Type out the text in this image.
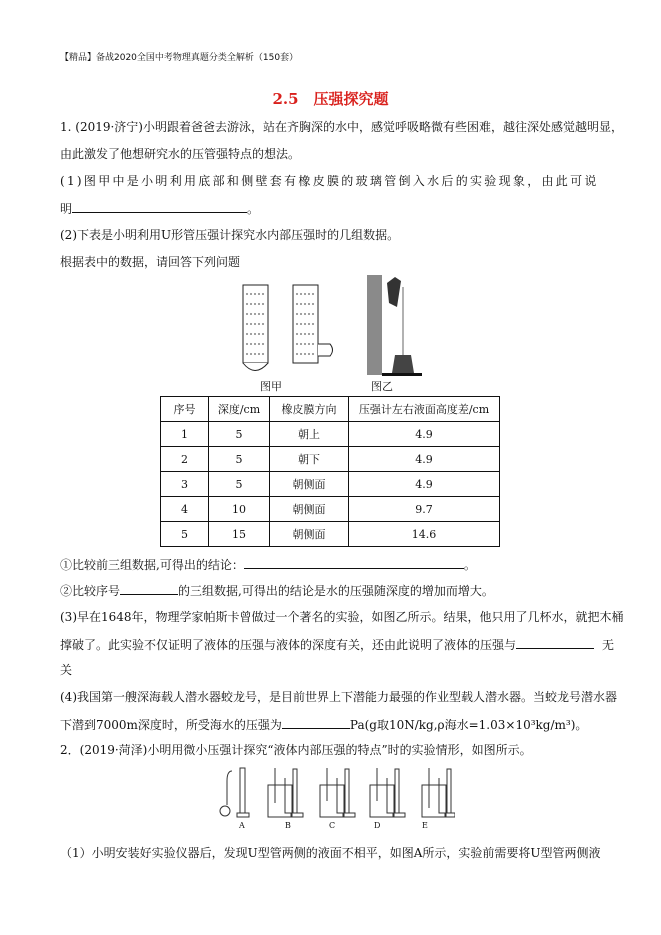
【精品】备战2020全国中考物理真题分类全解析（150套）
2.5　压强探究题
1. (2019·济宁)小明跟着爸爸去游泳，站在齐胸深的水中，感觉呼吸略微有些困难，越往深处感觉越明显，
由此激发了他想研究水的压管强特点的想法。
(1)图甲中是小明利用底部和侧壁套有橡皮膜的玻璃管倒入水后的实验现象，由此可说
明	。
(2)下表是小明利用U形管压强计探究水内部压强时的几组数据。
根据表中的数据，请回答下列问题
图甲	图乙
序号	深度/cm	橡皮膜方向	压强计左右液面高度差/cm
1	5	朝上	4.9
2	5	朝下	4.9
3	5	朝侧面	4.9
4	10	朝侧面	9.7
5	15	朝侧面	14.6
①比较前三组数据,可得出的结论：	。
②比较序号	的三组数据,可得出的结论是水的压强随深度的增加而增大。
(3)早在1648年，物理学家帕斯卡曾做过一个著名的实验，如图乙所示。结果，他只用了几杯水，就把木桶
撑破了。此实验不仅证明了液体的压强与液体的深度有关，还由此说明了液体的压强与	无
关
(4)我国第一艘深海载人潜水器蛟龙号，是目前世界上下潜能力最强的作业型载人潜水器。当蛟龙号潜水器
下潜到7000m深度时，所受海水的压强为	Pa(g取10N/kg,ρ海水=1.03×10³kg/m³)。
2．(2019·菏泽)小明用微小压强计探究“液体内部压强的特点”时的实验情形，如图所示。
A	B	C	D	E
（1）小明安装好实验仪器后，发现U型管两侧的液面不相平，如图A所示，实验前需要将U型管两侧液
